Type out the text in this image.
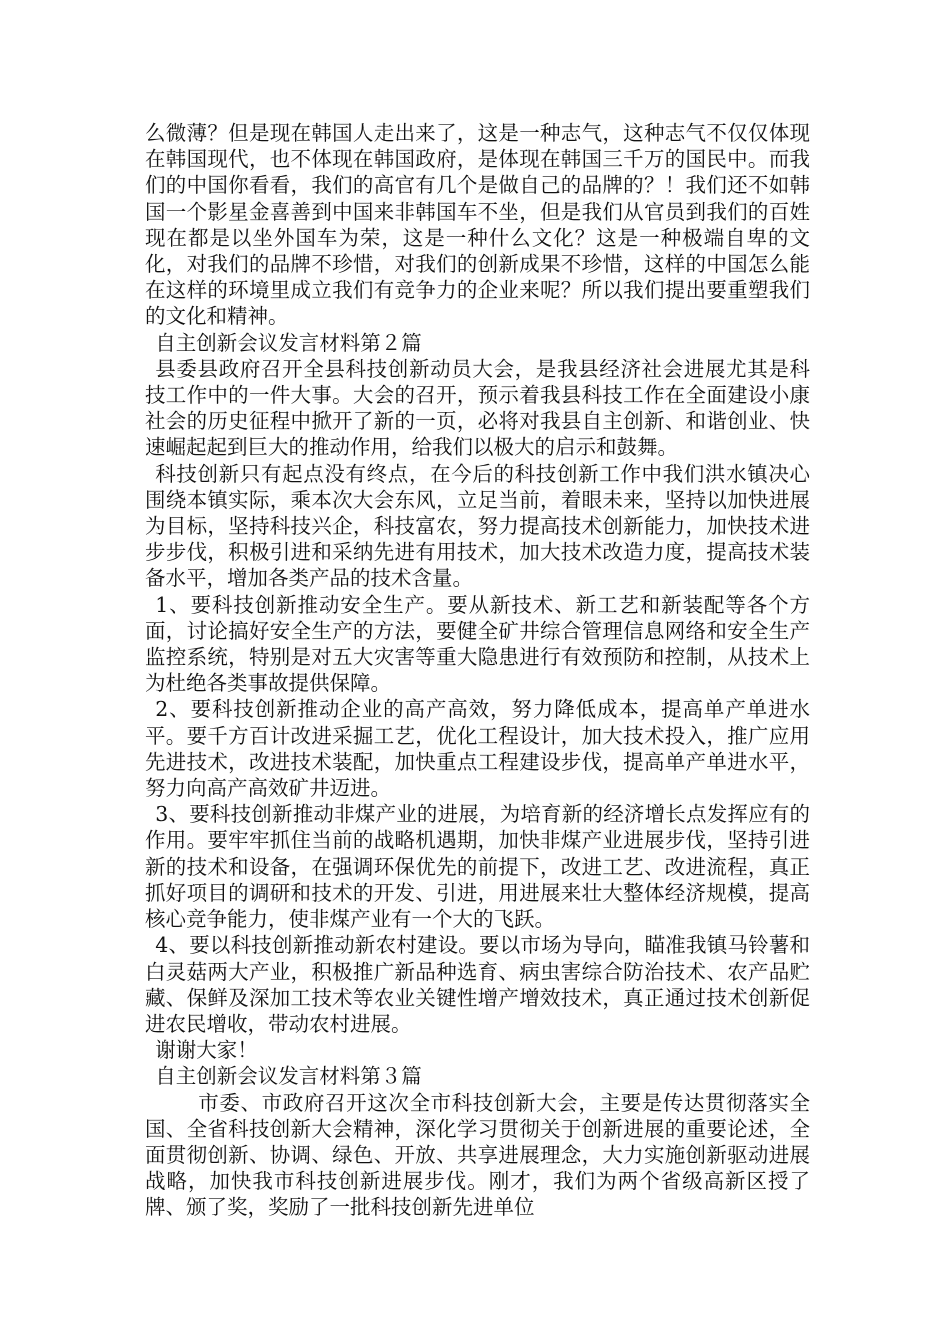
么微薄？但是现在韩国人走出来了，这是一种志气，这种志气不仅仅体现在韩国现代，也不体现在韩国政府，是体现在韩国三千万的国民中。而我们的中国你看看，我们的高官有几个是做自己的品牌的？！我们还不如韩国一个影星金喜善到中国来非韩国车不坐，但是我们从官员到我们的百姓现在都是以坐外国车为荣，这是一种什么文化？这是一种极端自卑的文化，对我们的品牌不珍惜，对我们的创新成果不珍惜，这样的中国怎么能在这样的环境里成立我们有竞争力的企业来呢？所以我们提出要重塑我们的文化和精神。

自主创新会议发言材料第２篇

县委县政府召开全县科技创新动员大会，是我县经济社会进展尤其是科技工作中的一件大事。大会的召开，预示着我县科技工作在全面建设小康社会的历史征程中掀开了新的一页，必将对我县自主创新、和谐创业、快速崛起起到巨大的推动作用，给我们以极大的启示和鼓舞。

科技创新只有起点没有终点，在今后的科技创新工作中我们洪水镇决心围绕本镇实际，乘本次大会东风，立足当前，着眼未来，坚持以加快进展为目标，坚持科技兴企，科技富农，努力提高技术创新能力，加快技术进步步伐，积极引进和采纳先进有用技术，加大技术改造力度，提高技术装备水平，增加各类产品的技术含量。

1、要科技创新推动安全生产。要从新技术、新工艺和新装配等各个方面，讨论搞好安全生产的方法，要健全矿井综合管理信息网络和安全生产监控系统，特别是对五大灾害等重大隐患进行有效预防和控制，从技术上为杜绝各类事故提供保障。

2、要科技创新推动企业的高产高效，努力降低成本，提高单产单进水平。要千方百计改进采掘工艺，优化工程设计，加大技术投入，推广应用先进技术，改进技术装配，加快重点工程建设步伐，提高单产单进水平，努力向高产高效矿井迈进。

3、要科技创新推动非煤产业的进展，为培育新的经济增长点发挥应有的作用。要牢牢抓住当前的战略机遇期，加快非煤产业进展步伐，坚持引进新的技术和设备，在强调环保优先的前提下，改进工艺、改进流程，真正抓好项目的调研和技术的开发、引进，用进展来壮大整体经济规模，提高核心竞争能力，使非煤产业有一个大的飞跃。

4、要以科技创新推动新农村建设。要以市场为导向，瞄准我镇马铃薯和白灵菇两大产业，积极推广新品种选育、病虫害综合防治技术、农产品贮藏、保鲜及深加工技术等农业关键性增产增效技术，真正通过技术创新促进农民增收，带动农村进展。

谢谢大家！

自主创新会议发言材料第３篇

市委、市政府召开这次全市科技创新大会，主要是传达贯彻落实全国、全省科技创新大会精神，深化学习贯彻关于创新进展的重要论述，全面贯彻创新、协调、绿色、开放、共享进展理念，大力实施创新驱动进展战略，加快我市科技创新进展步伐。刚才，我们为两个省级高新区授了牌、颁了奖，奖励了一批科技创新先进单位
